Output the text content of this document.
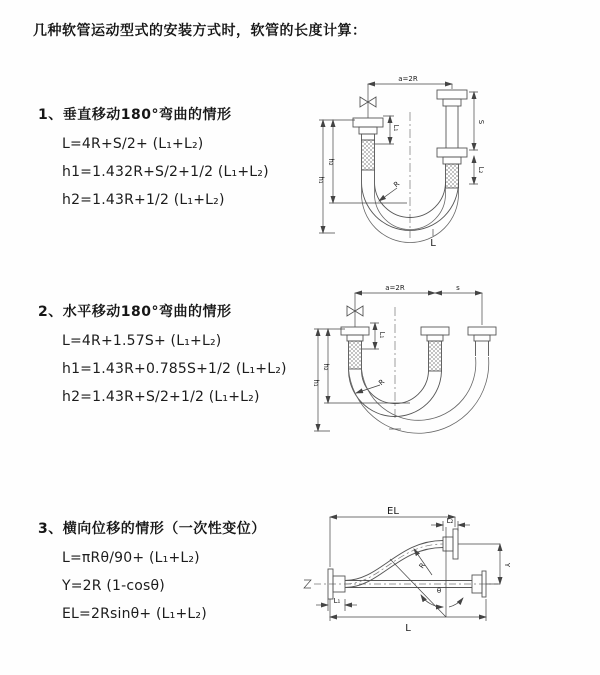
几种软管运动型式的安装方式时，软管的长度计算：
1、垂直移动180°弯曲的情形
L=4R+S/2+ (L₁+L₂)
h1=1.432R+S/2+1/2 (L₁+L₂)
h2=1.43R+1/2 (L₁+L₂)
2、水平移动180°弯曲的情形
L=4R+1.57S+ (L₁+L₂)
h1=1.43R+0.785S+1/2 (L₁+L₂)
h2=1.43R+S/2+1/2 (L₁+L₂)
3、横向位移的情形（一次性变位）
L=πRθ/90+ (L₁+L₂)
Y=2R (1-cosθ)
EL=2Rsinθ+ (L₁+L₂)
a=2R
L₁
S
L₂
h₁
h₂
R
L
a=2R	s
L₁
h₁
h₂
R
EL
L₂
Y
R
θ
L₁
L
